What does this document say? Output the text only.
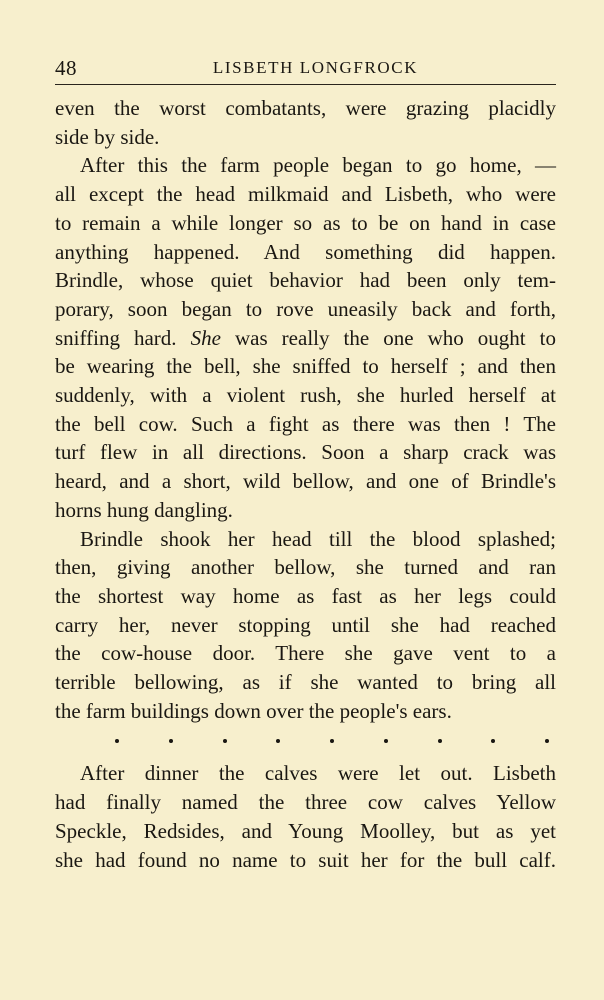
48	LISBETH LONGFROCK

even the worst combatants, were grazing placidly
side by side.

After this the farm people began to go home, —
all except the head milkmaid and Lisbeth, who were
to remain a while longer so as to be on hand in case
anything happened. And something did happen.
Brindle, whose quiet behavior had been only tem-
porary, soon began to rove uneasily back and forth,
sniffing hard. She was really the one who ought to
be wearing the bell, she sniffed to herself ; and then
suddenly, with a violent rush, she hurled herself at
the bell cow. Such a fight as there was then ! The
turf flew in all directions. Soon a sharp crack was
heard, and a short, wild bellow, and one of Brindle's
horns hung dangling.

Brindle shook her head till the blood splashed;
then, giving another bellow, she turned and ran
the shortest way home as fast as her legs could
carry her, never stopping until she had reached
the cow-house door. There she gave vent to a
terrible bellowing, as if she wanted to bring all
the farm buildings down over the people's ears.

After dinner the calves were let out. Lisbeth
had finally named the three cow calves Yellow
Speckle, Redsides, and Young Moolley, but as yet
she had found no name to suit her for the bull calf.
